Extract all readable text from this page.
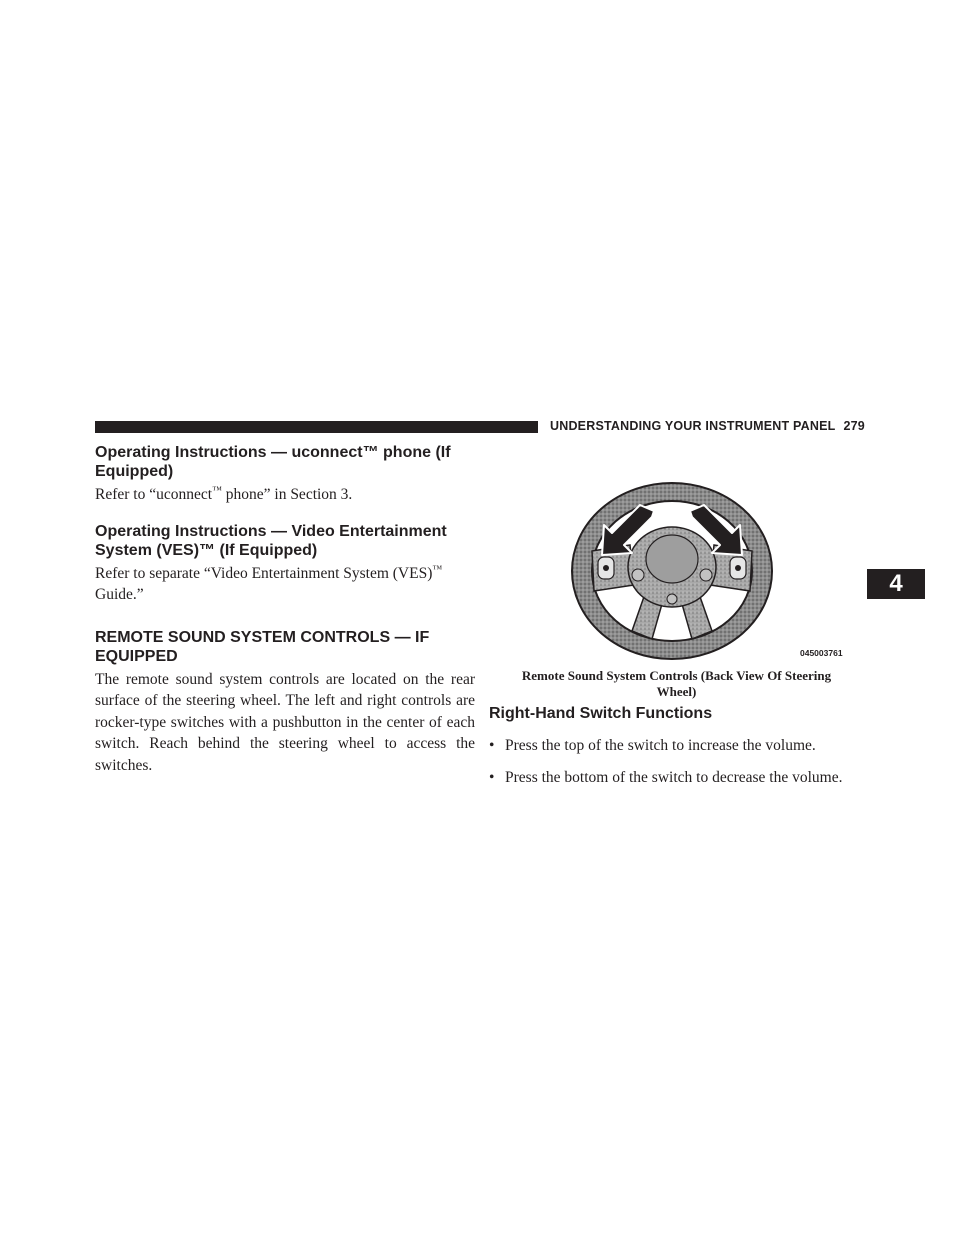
UNDERSTANDING YOUR INSTRUMENT PANEL 279
Operating Instructions — uconnect™ phone (If
Equipped)

Refer to “uconnect™ phone” in Section 3.

Operating Instructions — Video Entertainment
System (VES)™ (If Equipped)

Refer to separate “Video Entertainment System (VES)™
Guide.”

REMOTE SOUND SYSTEM CONTROLS — IF
EQUIPPED

The remote sound system controls are located on the rear surface of the steering wheel. The left and right controls are rocker-type switches with a pushbutton in the center of each switch. Reach behind the steering wheel to access the switches.

045003761
Remote Sound System Controls (Back View Of Steering
Wheel)
4
Right-Hand Switch Functions
• Press the top of the switch to increase the volume.
• Press the bottom of the switch to decrease the volume.
